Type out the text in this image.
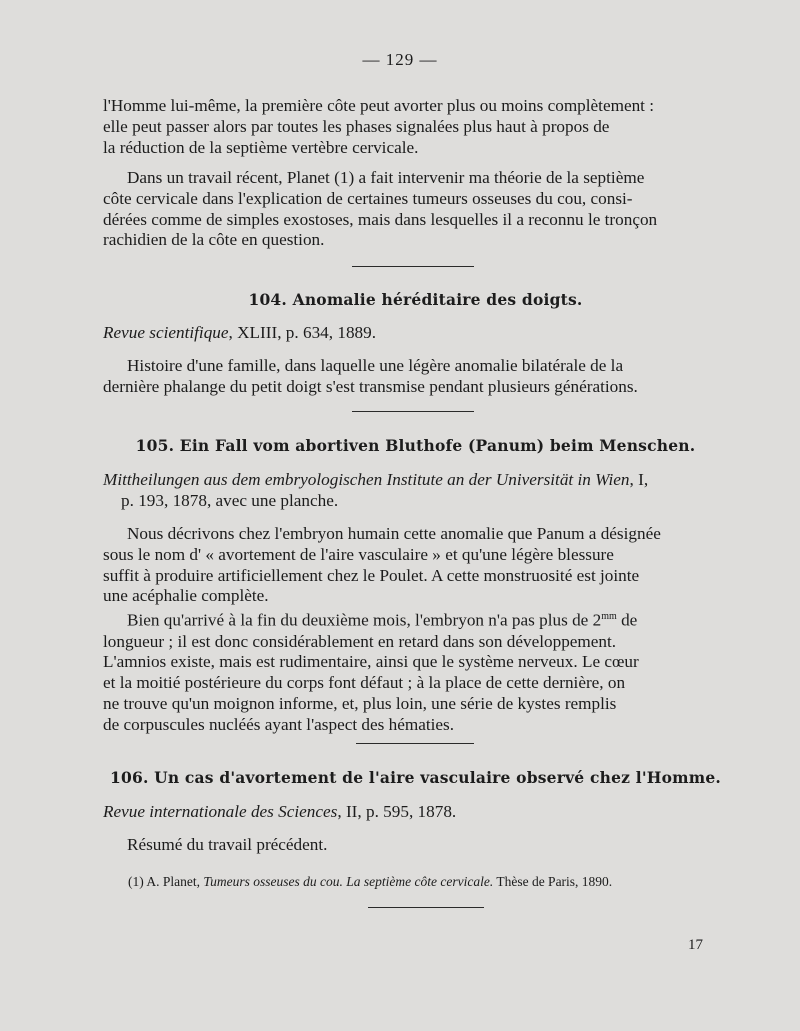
— 129 —
l'Homme lui-même, la première côte peut avorter plus ou moins complètement :
elle peut passer alors par toutes les phases signalées plus haut à propos de
la réduction de la septième vertèbre cervicale.
Dans un travail récent, Planet (1) a fait intervenir ma théorie de la septième
côte cervicale dans l'explication de certaines tumeurs osseuses du cou, consi-
dérées comme de simples exostoses, mais dans lesquelles il a reconnu le tronçon
rachidien de la côte en question.
104. Anomalie héréditaire des doigts.
Revue scientifique, XLIII, p. 634, 1889.
Histoire d'une famille, dans laquelle une légère anomalie bilatérale de la
dernière phalange du petit doigt s'est transmise pendant plusieurs générations.
105. Ein Fall vom abortiven Bluthofe (Panum) beim Menschen.
Mittheilungen aus dem embryologischen Institute an der Universität in Wien, I,
p. 193, 1878, avec une planche.
Nous décrivons chez l'embryon humain cette anomalie que Panum a désignée
sous le nom d' « avortement de l'aire vasculaire » et qu'une légère blessure
suffit à produire artificiellement chez le Poulet. A cette monstruosité est jointe
une acéphalie complète.
Bien qu'arrivé à la fin du deuxième mois, l'embryon n'a pas plus de $2^{mm}$ de
longueur ; il est donc considérablement en retard dans son développement.
L'amnios existe, mais est rudimentaire, ainsi que le système nerveux. Le cœur
et la moitié postérieure du corps font défaut ; à la place de cette dernière, on
ne trouve qu'un moignon informe, et, plus loin, une série de kystes remplis
de corpuscules nucléés ayant l'aspect des hématies.
106. Un cas d'avortement de l'aire vasculaire observé chez l'Homme.
Revue internationale des Sciences, II, p. 595, 1878.
Résumé du travail précédent.
(1) A. Planet, Tumeurs osseuses du cou. La septième côte cervicale. Thèse de Paris, 1890.
17
